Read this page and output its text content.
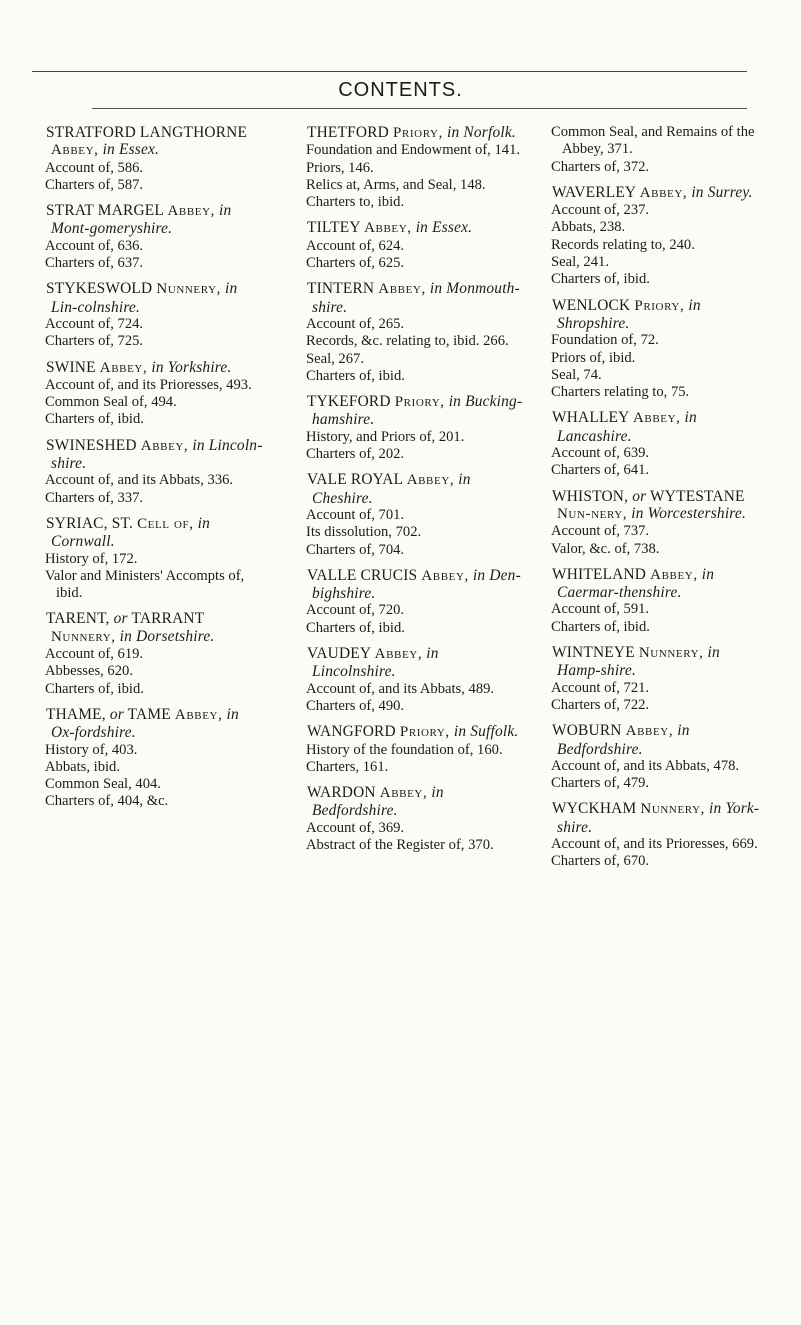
CONTENTS.
STRATFORD LANGTHORNE Abbey, in Essex.
Account of, 586.
Charters of, 587.
STRAT MARGEL Abbey, in Mont-gomeryshire.
Account of, 636.
Charters of, 637.
STYKESWOLD Nunnery, in Lin-colnshire.
Account of, 724.
Charters of, 725.
SWINE Abbey, in Yorkshire.
Account of, and its Prioresses, 493.
Common Seal of, 494.
Charters of, ibid.
SWINESHED Abbey, in Lincoln-shire.
Account of, and its Abbats, 336.
Charters of, 337.
SYRIAC, ST. Cell of, in Cornwall.
History of, 172.
Valor and Ministers' Accompts of, ibid.
TARENT, or TARRANT Nunnery, in Dorsetshire.
Account of, 619.
Abbesses, 620.
Charters of, ibid.
THAME, or TAME Abbey, in Ox-fordshire.
History of, 403.
Abbats, ibid.
Common Seal, 404.
Charters of, 404, &c.
THETFORD Priory, in Norfolk.
Foundation and Endowment of, 141.
Priors, 146.
Relics at, Arms, and Seal, 148.
Charters to, ibid.
TILTEY Abbey, in Essex.
Account of, 624.
Charters of, 625.
TINTERN Abbey, in Monmouth-shire.
Account of, 265.
Records, &c. relating to, ibid. 266.
Seal, 267.
Charters of, ibid.
TYKEFORD Priory, in Bucking-hamshire.
History, and Priors of, 201.
Charters of, 202.
VALE ROYAL Abbey, in Cheshire.
Account of, 701.
Its dissolution, 702.
Charters of, 704.
VALLE CRUCIS Abbey, in Den-bighshire.
Account of, 720.
Charters of, ibid.
VAUDEY Abbey, in Lincolnshire.
Account of, and its Abbats, 489.
Charters of, 490.
WANGFORD Priory, in Suffolk.
History of the foundation of, 160.
Charters, 161.
WARDON Abbey, in Bedfordshire.
Account of, 369.
Abstract of the Register of, 370.
Common Seal, and Remains of the Abbey, 371.
Charters of, 372.
WAVERLEY Abbey, in Surrey.
Account of, 237.
Abbats, 238.
Records relating to, 240.
Seal, 241.
Charters of, ibid.
WENLOCK Priory, in Shropshire.
Foundation of, 72.
Priors of, ibid.
Seal, 74.
Charters relating to, 75.
WHALLEY Abbey, in Lancashire.
Account of, 639.
Charters of, 641.
WHISTON, or WYTESTANE Nun-nery, in Worcestershire.
Account of, 737.
Valor, &c. of, 738.
WHITELAND Abbey, in Caermar-thenshire.
Account of, 591.
Charters of, ibid.
WINTNEYE Nunnery, in Hamp-shire.
Account of, 721.
Charters of, 722.
WOBURN Abbey, in Bedfordshire.
Account of, and its Abbats, 478.
Charters of, 479.
WYCKHAM Nunnery, in York-shire.
Account of, and its Prioresses, 669.
Charters of, 670.
